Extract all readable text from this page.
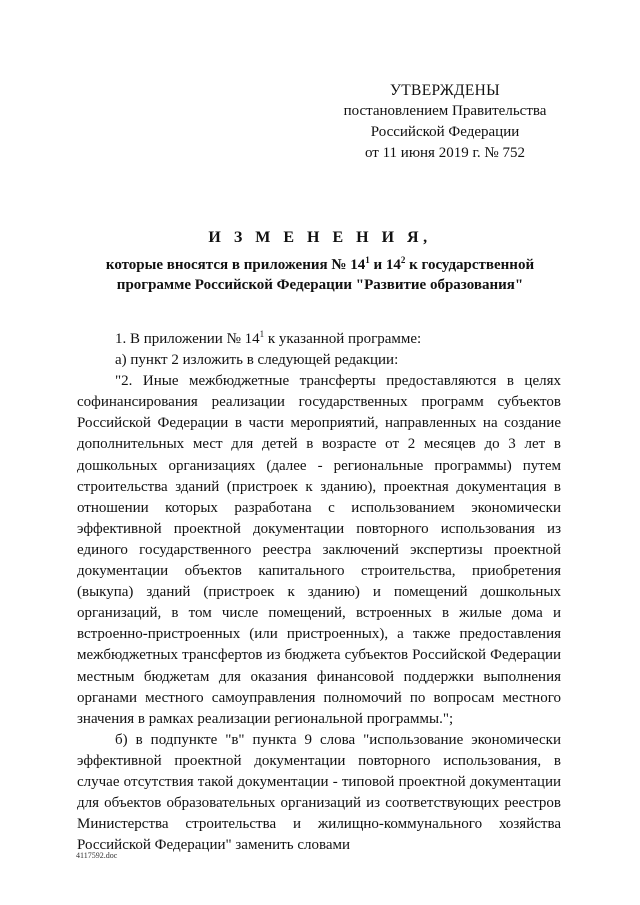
УТВЕРЖДЕНЫ
постановлением Правительства
Российской Федерации
от 11 июня 2019 г. № 752
И З М Е Н Е Н И Я,
которые вносятся в приложения № $14^1$ и $14^2$ к государственной
программе Российской Федерации "Развитие образования"

1. В приложении № $14^1$ к указанной программе:

а) пункт 2 изложить в следующей редакции:

"2. Иные межбюджетные трансферты предоставляются в целях софинансирования реализации государственных программ субъектов Российской Федерации в части мероприятий, направленных на создание дополнительных мест для детей в возрасте от 2 месяцев до 3 лет в дошкольных организациях (далее - региональные программы) путем строительства зданий (пристроек к зданию), проектная документация в отношении которых разработана с использованием экономически эффективной проектной документации повторного использования из единого государственного реестра заключений экспертизы проектной документации объектов капитального строительства, приобретения (выкупа) зданий (пристроек к зданию) и помещений дошкольных организаций, в том числе помещений, встроенных в жилые дома и встроенно-пристроенных (или пристроенных), а также предоставления межбюджетных трансфертов из бюджета субъектов Российской Федерации местным бюджетам для оказания финансовой поддержки выполнения органами местного самоуправления полномочий по вопросам местного значения в рамках реализации региональной программы.";

б) в подпункте "в" пункта 9 слова "использование экономически эффективной проектной документации повторного использования, в случае отсутствия такой документации - типовой проектной документации для объектов образовательных организаций из соответствующих реестров Министерства строительства и жилищно-коммунального хозяйства Российской Федерации" заменить словами

4117592.doc
